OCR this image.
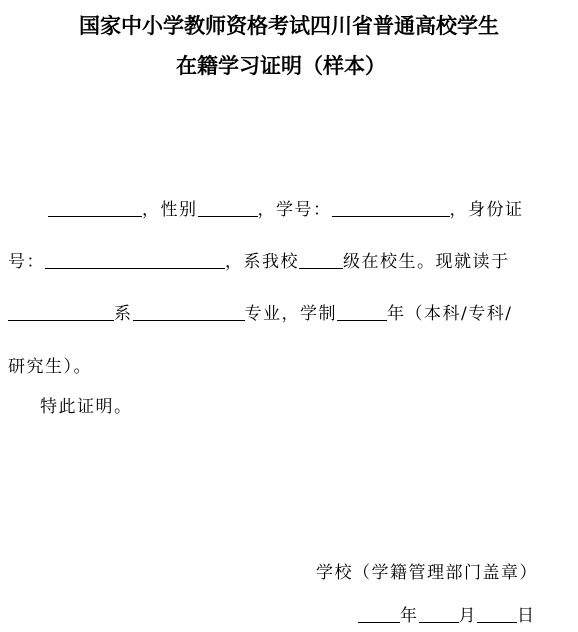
国家中小学教师资格考试四川省普通高校学生
在籍学习证明（样本）
，性别	，学号：	，身份证
号：	，系我校	级在校生。现就读于
系	专业，学制	年（本科/专科/
研究生）。
特此证明。
学校（学籍管理部门盖章）
年 月 日
